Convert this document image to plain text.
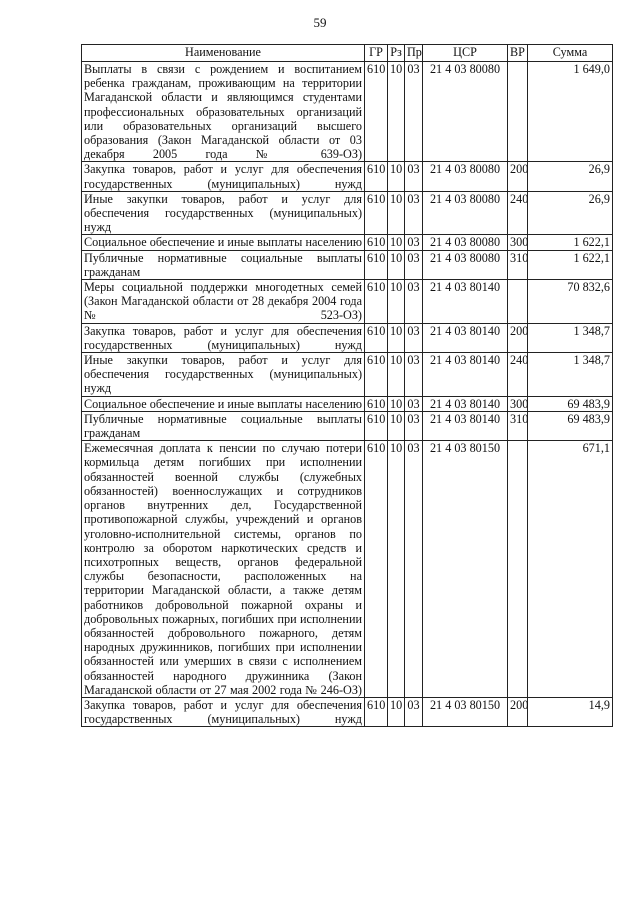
59
Наименование	ГР	Рз	Пр	ЦСР	ВР	Сумма
Выплаты в связи с рождением и воспитанием ребенка гражданам, проживающим на территории Магаданской области и являющимся студентами профессиональных образовательных организаций или образовательных организаций высшего образования (Закон Магаданской области от 03 декабря 2005 года № 639-ОЗ)	610	10	03	21 4 03 80080		1 649,0
Закупка товаров, работ и услуг для обеспечения государственных (муниципальных) нужд	610	10	03	21 4 03 80080	200	26,9
Иные закупки товаров, работ и услуг для обеспечения государственных (муниципальных) нужд	610	10	03	21 4 03 80080	240	26,9
Социальное обеспечение и иные выплаты населению	610	10	03	21 4 03 80080	300	1 622,1
Публичные нормативные социальные выплаты гражданам	610	10	03	21 4 03 80080	310	1 622,1
Меры социальной поддержки многодетных семей (Закон Магаданской области от 28 декабря 2004 года № 523-ОЗ)	610	10	03	21 4 03 80140		70 832,6
Закупка товаров, работ и услуг для обеспечения государственных (муниципальных) нужд	610	10	03	21 4 03 80140	200	1 348,7
Иные закупки товаров, работ и услуг для обеспечения государственных (муниципальных) нужд	610	10	03	21 4 03 80140	240	1 348,7
Социальное обеспечение и иные выплаты населению	610	10	03	21 4 03 80140	300	69 483,9
Публичные нормативные социальные выплаты гражданам	610	10	03	21 4 03 80140	310	69 483,9
Ежемесячная доплата к пенсии по случаю потери кормильца детям погибших при исполнении обязанностей военной службы (служебных обязанностей) военнослужащих и сотрудников органов внутренних дел, Государственной противопожарной службы, учреждений и органов уголовно-исполнительной системы, органов по контролю за оборотом наркотических средств и психотропных веществ, органов федеральной службы безопасности, расположенных на территории Магаданской области, а также детям работников добровольной пожарной охраны и добровольных пожарных, погибших при исполнении обязанностей добровольного пожарного, детям народных дружинников, погибших при исполнении обязанностей или умерших в связи с исполнением обязанностей народного дружинника (Закон Магаданской области от 27 мая 2002 года № 246-ОЗ)	610	10	03	21 4 03 80150		671,1
Закупка товаров, работ и услуг для обеспечения государственных (муниципальных) нужд	610	10	03	21 4 03 80150	200	14,9
